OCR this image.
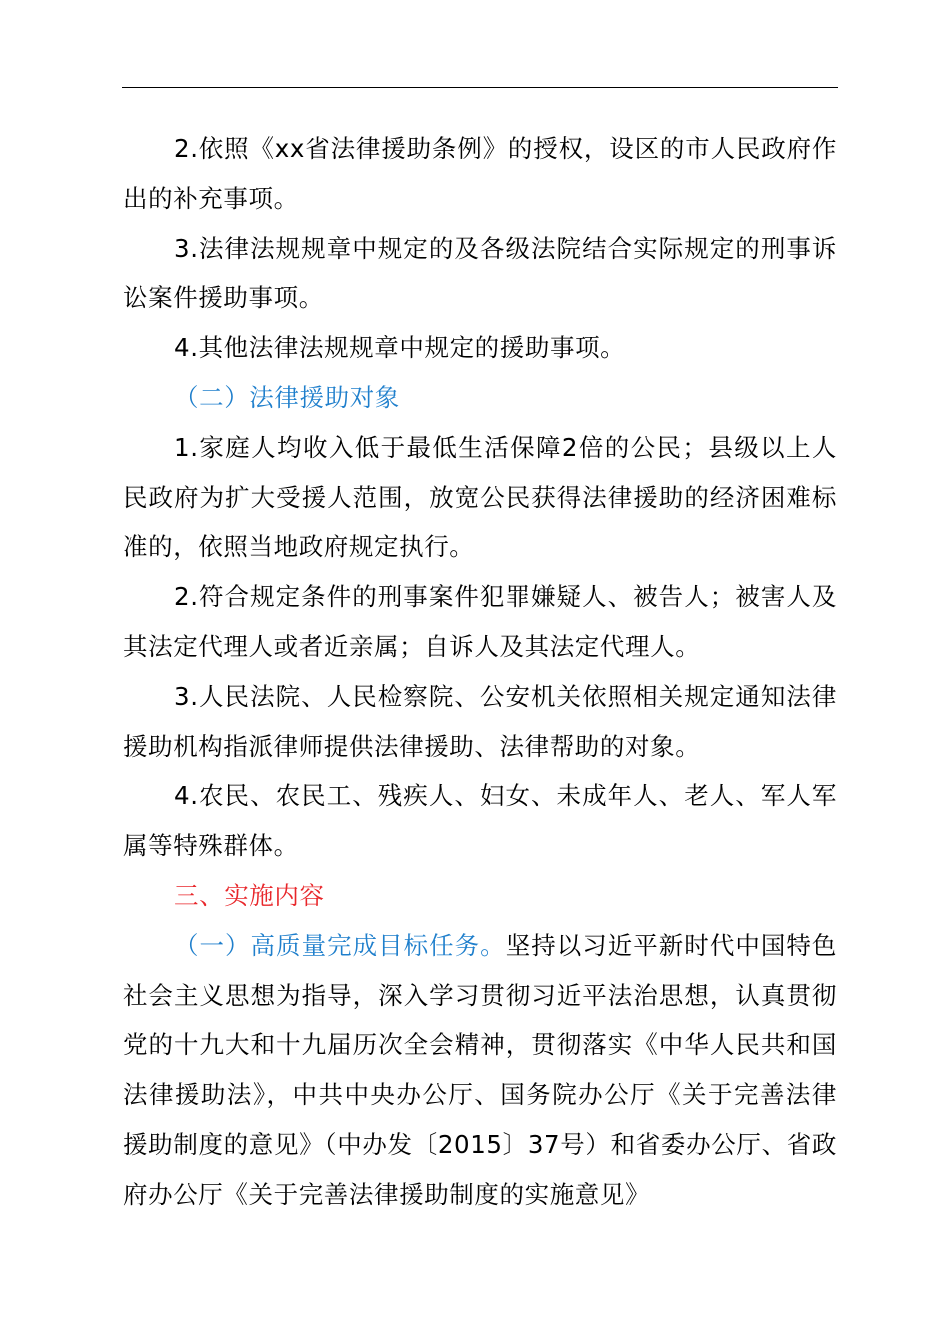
2.依照《xx省法律援助条例》的授权，设区的市人民政府作出的补充事项。

3.法律法规规章中规定的及各级法院结合实际规定的刑事诉讼案件援助事项。

4.其他法律法规规章中规定的援助事项。

（二）法律援助对象

1.家庭人均收入低于最低生活保障2倍的公民；县级以上人民政府为扩大受援人范围，放宽公民获得法律援助的经济困难标准的，依照当地政府规定执行。

2.符合规定条件的刑事案件犯罪嫌疑人、被告人；被害人及其法定代理人或者近亲属；自诉人及其法定代理人。

3.人民法院、人民检察院、公安机关依照相关规定通知法律援助机构指派律师提供法律援助、法律帮助的对象。

4.农民、农民工、残疾人、妇女、未成年人、老人、军人军属等特殊群体。

三、实施内容

（一）高质量完成目标任务。坚持以习近平新时代中国特色社会主义思想为指导，深入学习贯彻习近平法治思想，认真贯彻党的十九大和十九届历次全会精神，贯彻落实《中华人民共和国法律援助法》，中共中央办公厅、国务院办公厅《关于完善法律援助制度的意见》（中办发〔2015〕37号）和省委办公厅、省政府办公厅《关于完善法律援助制度的实施意见》
